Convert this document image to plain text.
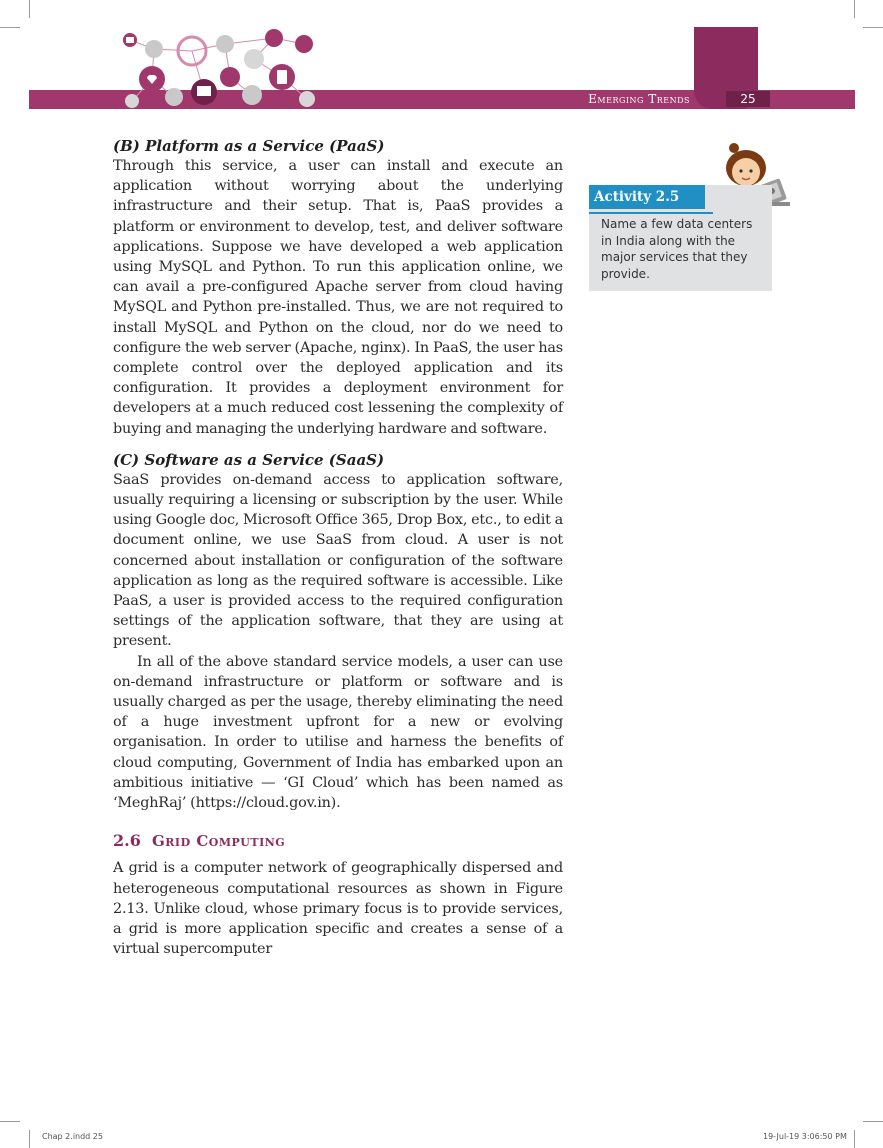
Emerging Trends	25
Activity 2.5
Name a few data centers in India along with the major services that they provide.

(B) Platform as a Service (PaaS)

Through this service, a user can install and execute an application without worrying about the underlying infrastructure and their setup. That is, PaaS provides a platform or environment to develop, test, and deliver software applications. Suppose we have developed a web application using MySQL and Python. To run this application online, we can avail a pre-configured Apache server from cloud having MySQL and Python pre-installed. Thus, we are not required to install MySQL and Python on the cloud, nor do we need to configure the web server (Apache, nginx). In PaaS, the user has complete control over the deployed application and its configuration. It provides a deployment environment for developers at a much reduced cost lessening the complexity of buying and managing the underlying hardware and software.

(C) Software as a Service (SaaS)

SaaS provides on-demand access to application software, usually requiring a licensing or subscription by the user. While using Google doc, Microsoft Office 365, Drop Box, etc., to edit a document online, we use SaaS from cloud. A user is not concerned about installation or configuration of the software application as long as the required software is accessible. Like PaaS, a user is provided access to the required configuration settings of the application software, that they are using at present.

In all of the above standard service models, a user can use on-demand infrastructure or platform or software and is usually charged as per the usage, thereby eliminating the need of a huge investment upfront for a new or evolving organisation. In order to utilise and harness the benefits of cloud computing, Government of India has embarked upon an ambitious initiative — ‘GI Cloud’ which has been named as ‘MeghRaj’ (https://cloud.gov.in).

2.6 Grid Computing

A grid is a computer network of geographically dispersed and heterogeneous computational resources as shown in Figure 2.13. Unlike cloud, whose primary focus is to provide services, a grid is more application specific and creates a sense of a virtual supercomputer

Chap 2.indd 25	19-Jul-19 3:06:50 PM
